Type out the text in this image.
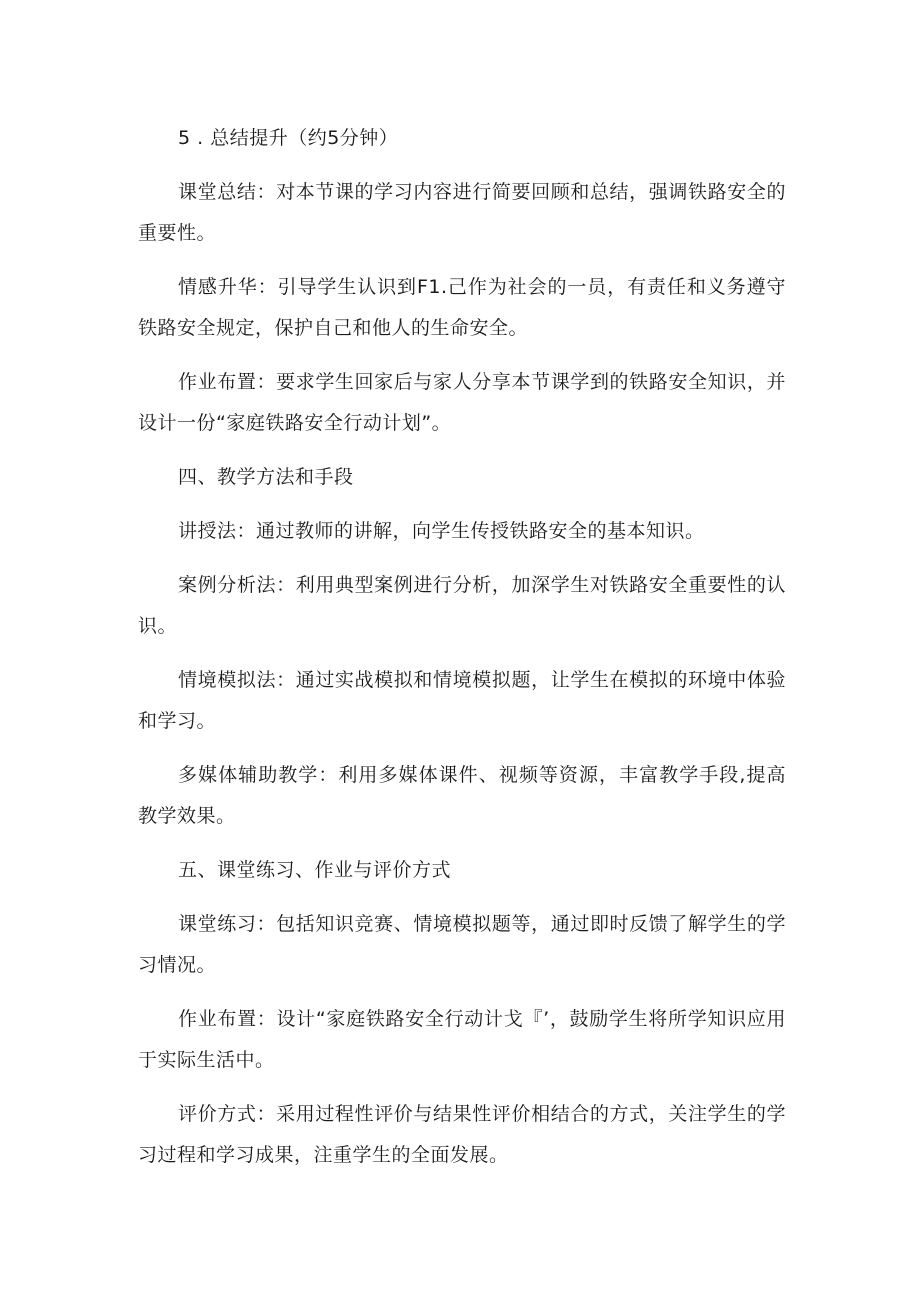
5 . 总结提升（约5分钟）

课堂总结：对本节课的学习内容进行简要回顾和总结，强调铁路安全的重要性。

情感升华：引导学生认识到F1.己作为社会的一员，有责任和义务遵守铁路安全规定，保护自己和他人的生命安全。

作业布置：要求学生回家后与家人分享本节课学到的铁路安全知识，并设计一份“家庭铁路安全行动计划”。

四、教学方法和手段

讲授法：通过教师的讲解，向学生传授铁路安全的基本知识。

案例分析法：利用典型案例进行分析，加深学生对铁路安全重要性的认识。

情境模拟法：通过实战模拟和情境模拟题，让学生在模拟的环境中体验和学习。

多媒体辅助教学：利用多媒体课件、视频等资源，丰富教学手段,提高教学效果。

五、课堂练习、作业与评价方式

课堂练习：包括知识竞赛、情境模拟题等，通过即时反馈了解学生的学习情况。

作业布置：设计“家庭铁路安全行动计戈『’，鼓励学生将所学知识应用于实际生活中。

评价方式：采用过程性评价与结果性评价相结合的方式，关注学生的学习过程和学习成果，注重学生的全面发展。
